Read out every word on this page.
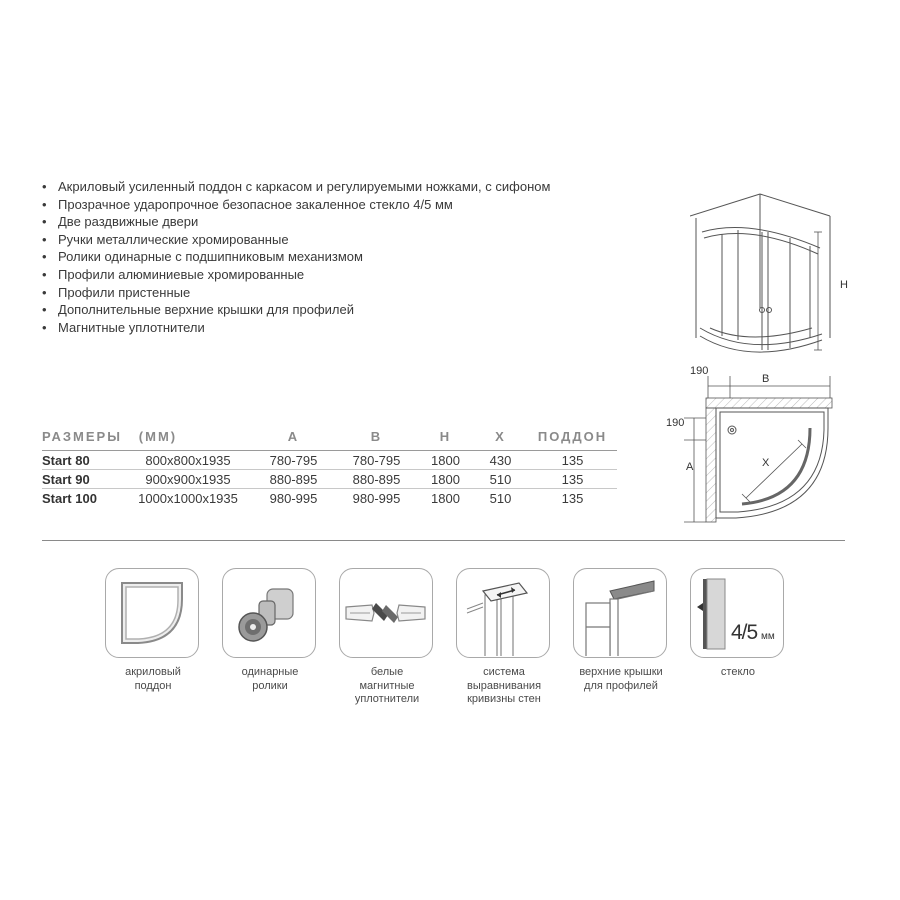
• Акриловый усиленный поддон с каркасом и регулируемыми ножками, с сифоном
• Прозрачное ударопрочное безопасное закаленное стекло 4/5 мм
• Две раздвижные двери
• Ручки металлические хромированные
• Ролики одинарные с подшипниковым механизмом
• Профили алюминиевые хромированные
• Профили пристенные
• Дополнительные верхние крышки для профилей
• Магнитные уплотнители
H
190
190
B
A	X
РАЗМЕРЫ   (ММ)		А	В	Н	Х	ПОДДОН
Start 80	800x800x1935	780-795	780-795	1800	430	135
Start 90	900x900x1935	880-895	880-895	1800	510	135
Start 100	1000x1000x1935	980-995	980-995	1800	510	135
акриловый
поддон
одинарные
ролики
белые
магнитные
уплотнители
система
выравнивания
кривизны стен
верхние крышки
для профилей
4/5 мм
стекло
